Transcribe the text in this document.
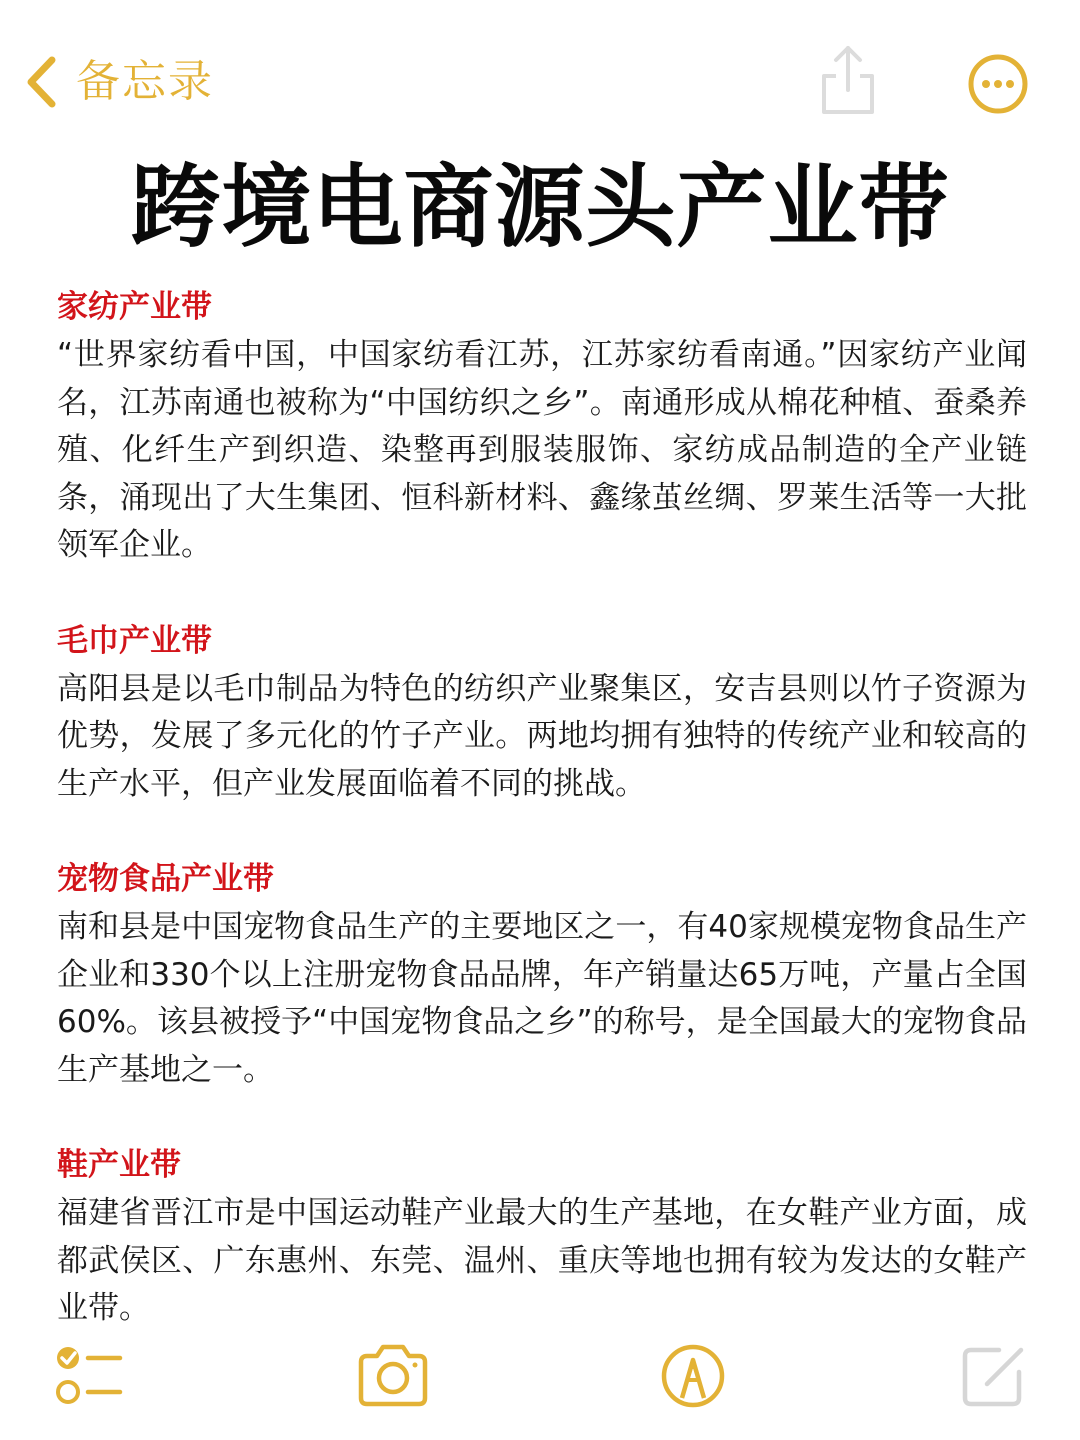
备忘录
跨境电商源头产业带

家纺产业带

“世界家纺看中国，中国家纺看江苏，江苏家纺看南通。”因家纺产业闻名，江苏南通也被称为“中国纺织之乡”。南通形成从棉花种植、蚕桑养殖、化纤生产到织造、染整再到服装服饰、家纺成品制造的全产业链条，涌现出了大生集团、恒科新材料、鑫缘茧丝绸、罗莱生活等一大批领军企业。

毛巾产业带

高阳县是以毛巾制品为特色的纺织产业聚集区，安吉县则以竹子资源为优势，发展了多元化的竹子产业。两地均拥有独特的传统产业和较高的生产水平，但产业发展面临着不同的挑战。

宠物食品产业带

南和县是中国宠物食品生产的主要地区之一，有40家规模宠物食品生产企业和330个以上注册宠物食品品牌，年产销量达65万吨，产量占全国60%。该县被授予“中国宠物食品之乡”的称号，是全国最大的宠物食品生产基地之一。

鞋产业带

福建省晋江市是中国运动鞋产业最大的生产基地，在女鞋产业方面，成都武侯区、广东惠州、东莞、温州、重庆等地也拥有较为发达的女鞋产业带。
